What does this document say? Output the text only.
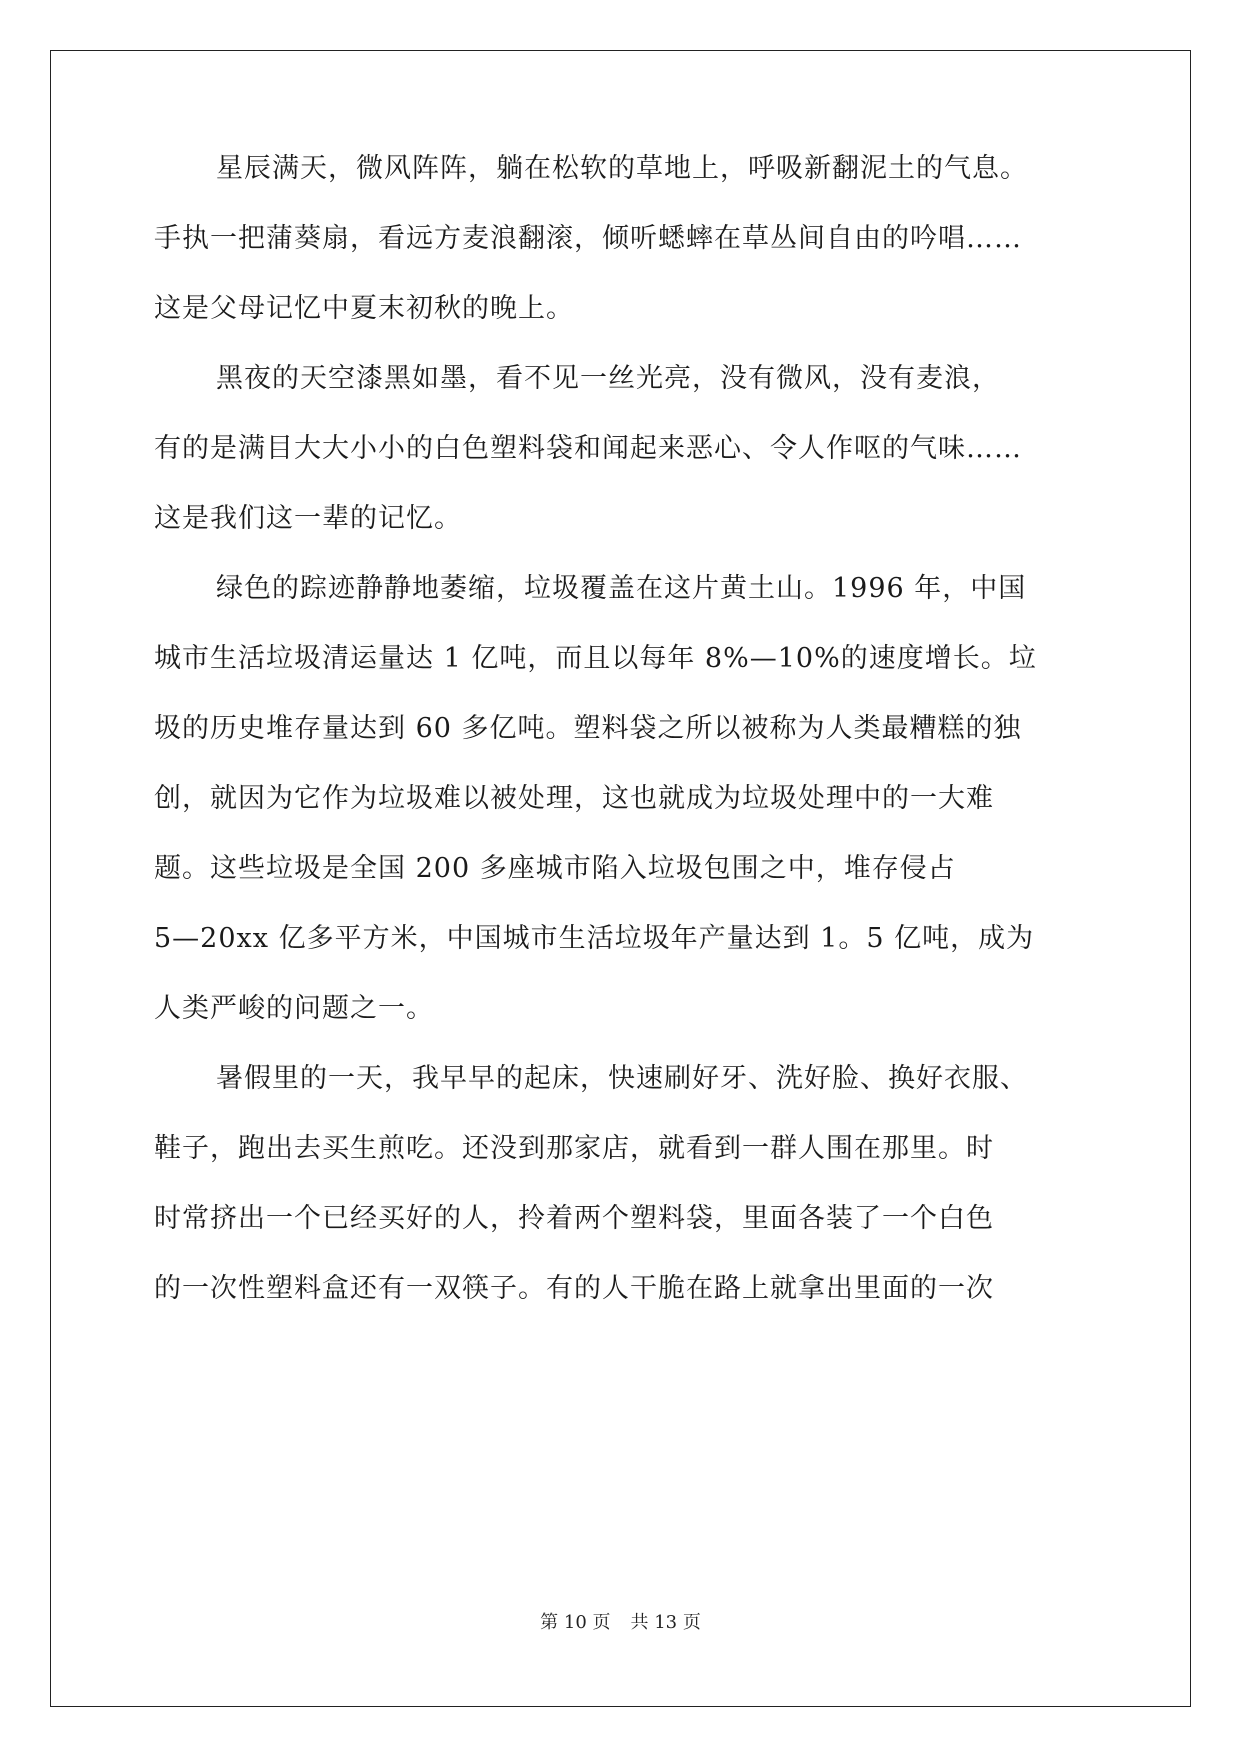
星辰满天，微风阵阵，躺在松软的草地上，呼吸新翻泥土的气息。
手执一把蒲葵扇，看远方麦浪翻滚，倾听蟋蟀在草丛间自由的吟唱……
这是父母记忆中夏末初秋的晚上。
黑夜的天空漆黑如墨，看不见一丝光亮，没有微风，没有麦浪，
有的是满目大大小小的白色塑料袋和闻起来恶心、令人作呕的气味……
这是我们这一辈的记忆。
绿色的踪迹静静地萎缩，垃圾覆盖在这片黄土山。1996 年，中国
城市生活垃圾清运量达 1 亿吨，而且以每年 8%—10%的速度增长。垃
圾的历史堆存量达到 60 多亿吨。塑料袋之所以被称为人类最糟糕的独
创，就因为它作为垃圾难以被处理，这也就成为垃圾处理中的一大难
题。这些垃圾是全国 200 多座城市陷入垃圾包围之中，堆存侵占
5—20xx 亿多平方米，中国城市生活垃圾年产量达到 1。5 亿吨，成为
人类严峻的问题之一。
暑假里的一天，我早早的起床，快速刷好牙、洗好脸、换好衣服、
鞋子，跑出去买生煎吃。还没到那家店，就看到一群人围在那里。时
时常挤出一个已经买好的人，拎着两个塑料袋，里面各装了一个白色
的一次性塑料盒还有一双筷子。有的人干脆在路上就拿出里面的一次
第 10 页 共 13 页
